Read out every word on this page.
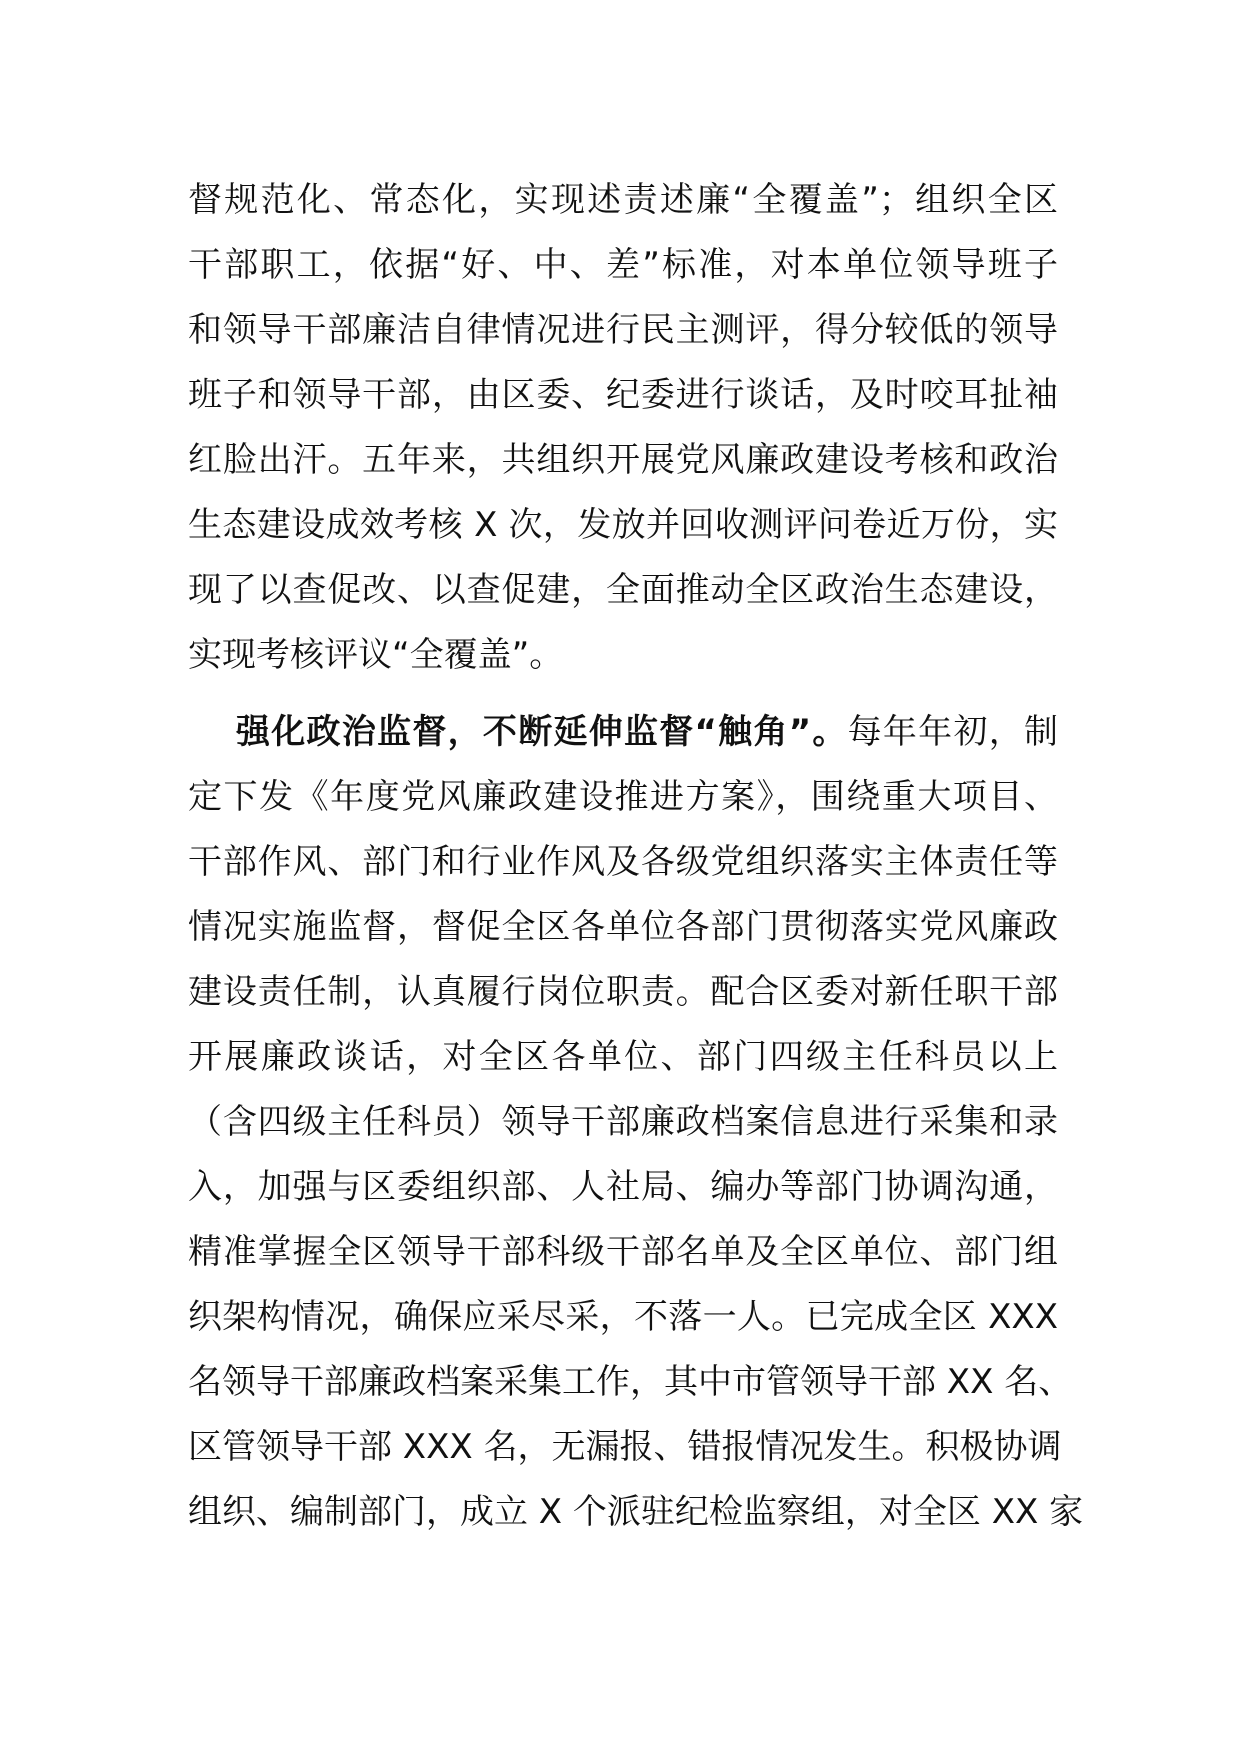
督规范化、常态化，实现述责述廉“全覆盖”；组织全区
干部职工，依据“好、中、差”标准，对本单位领导班子
和领导干部廉洁自律情况进行民主测评，得分较低的领导
班子和领导干部，由区委、纪委进行谈话，及时咬耳扯袖
红脸出汗。五年来，共组织开展党风廉政建设考核和政治
生态建设成效考核 X 次，发放并回收测评问卷近万份，实
现了以查促改、以查促建，全面推动全区政治生态建设，
实现考核评议“全覆盖”。
强化政治监督，不断延伸监督“触角”。每年年初，制
定下发《年度党风廉政建设推进方案》，围绕重大项目、
干部作风、部门和行业作风及各级党组织落实主体责任等
情况实施监督，督促全区各单位各部门贯彻落实党风廉政
建设责任制，认真履行岗位职责。配合区委对新任职干部
开展廉政谈话，对全区各单位、部门四级主任科员以上
（含四级主任科员）领导干部廉政档案信息进行采集和录
入，加强与区委组织部、人社局、编办等部门协调沟通，
精准掌握全区领导干部科级干部名单及全区单位、部门组
织架构情况，确保应采尽采，不落一人。已完成全区 XXX
名领导干部廉政档案采集工作，其中市管领导干部 XX 名、
区管领导干部 XXX 名，无漏报、错报情况发生。积极协调
组织、编制部门，成立 X 个派驻纪检监察组，对全区 XX 家
